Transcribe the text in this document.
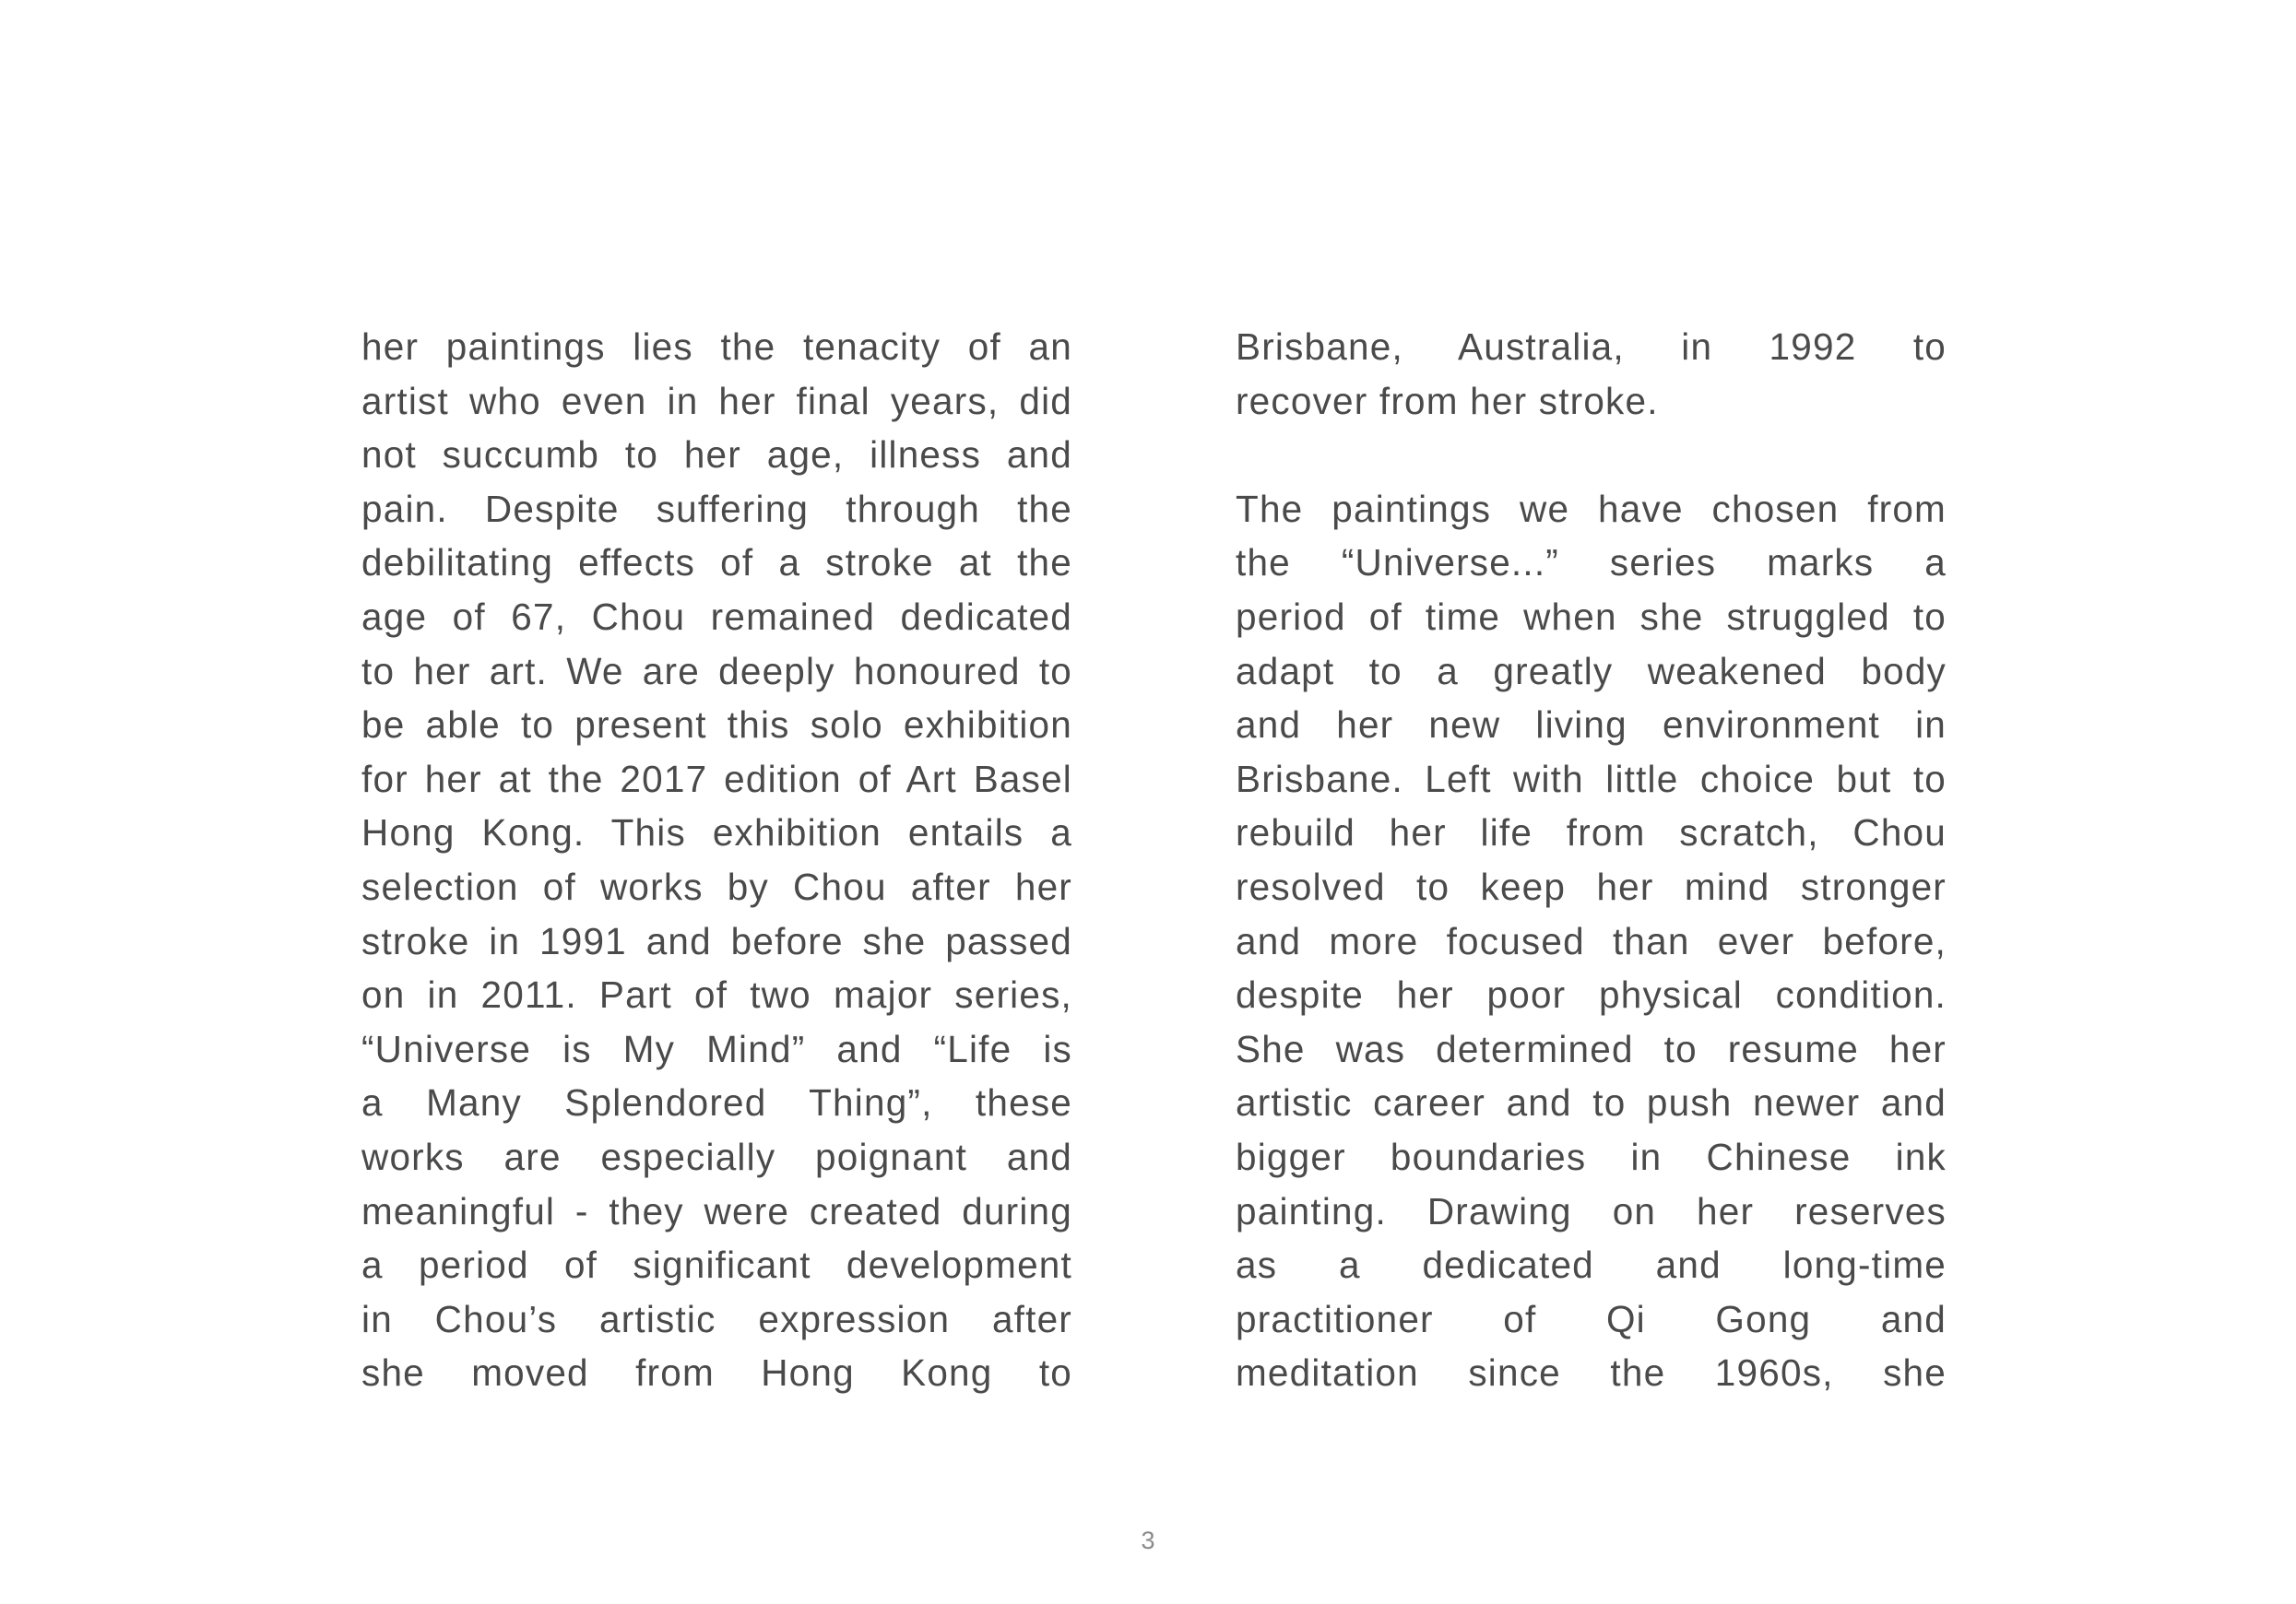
her paintings lies the tenacity of an
artist who even in her final years, did
not succumb to her age, illness and
pain. Despite suffering through the
debilitating effects of a stroke at the
age of 67, Chou remained dedicated
to her art. We are deeply honoured to
be able to present this solo exhibition
for her at the 2017 edition of Art Basel
Hong Kong. This exhibition entails a
selection of works by Chou after her
stroke in 1991 and before she passed
on in 2011. Part of two major series,
“Universe is My Mind” and “Life is
a Many Splendored Thing”, these
works are especially poignant and
meaningful - they were created during
a period of significant development
in Chou’s artistic expression after
she moved from Hong Kong to
Brisbane, Australia, in 1992 to
recover from her stroke.
The paintings we have chosen from
the “Universe...” series marks a
period of time when she struggled to
adapt to a greatly weakened body
and her new living environment in
Brisbane. Left with little choice but to
rebuild her life from scratch, Chou
resolved to keep her mind stronger
and more focused than ever before,
despite her poor physical condition.
She was determined to resume her
artistic career and to push newer and
bigger boundaries in Chinese ink
painting. Drawing on her reserves
as a dedicated and long-time
practitioner of Qi Gong and
meditation since the 1960s, she
3
